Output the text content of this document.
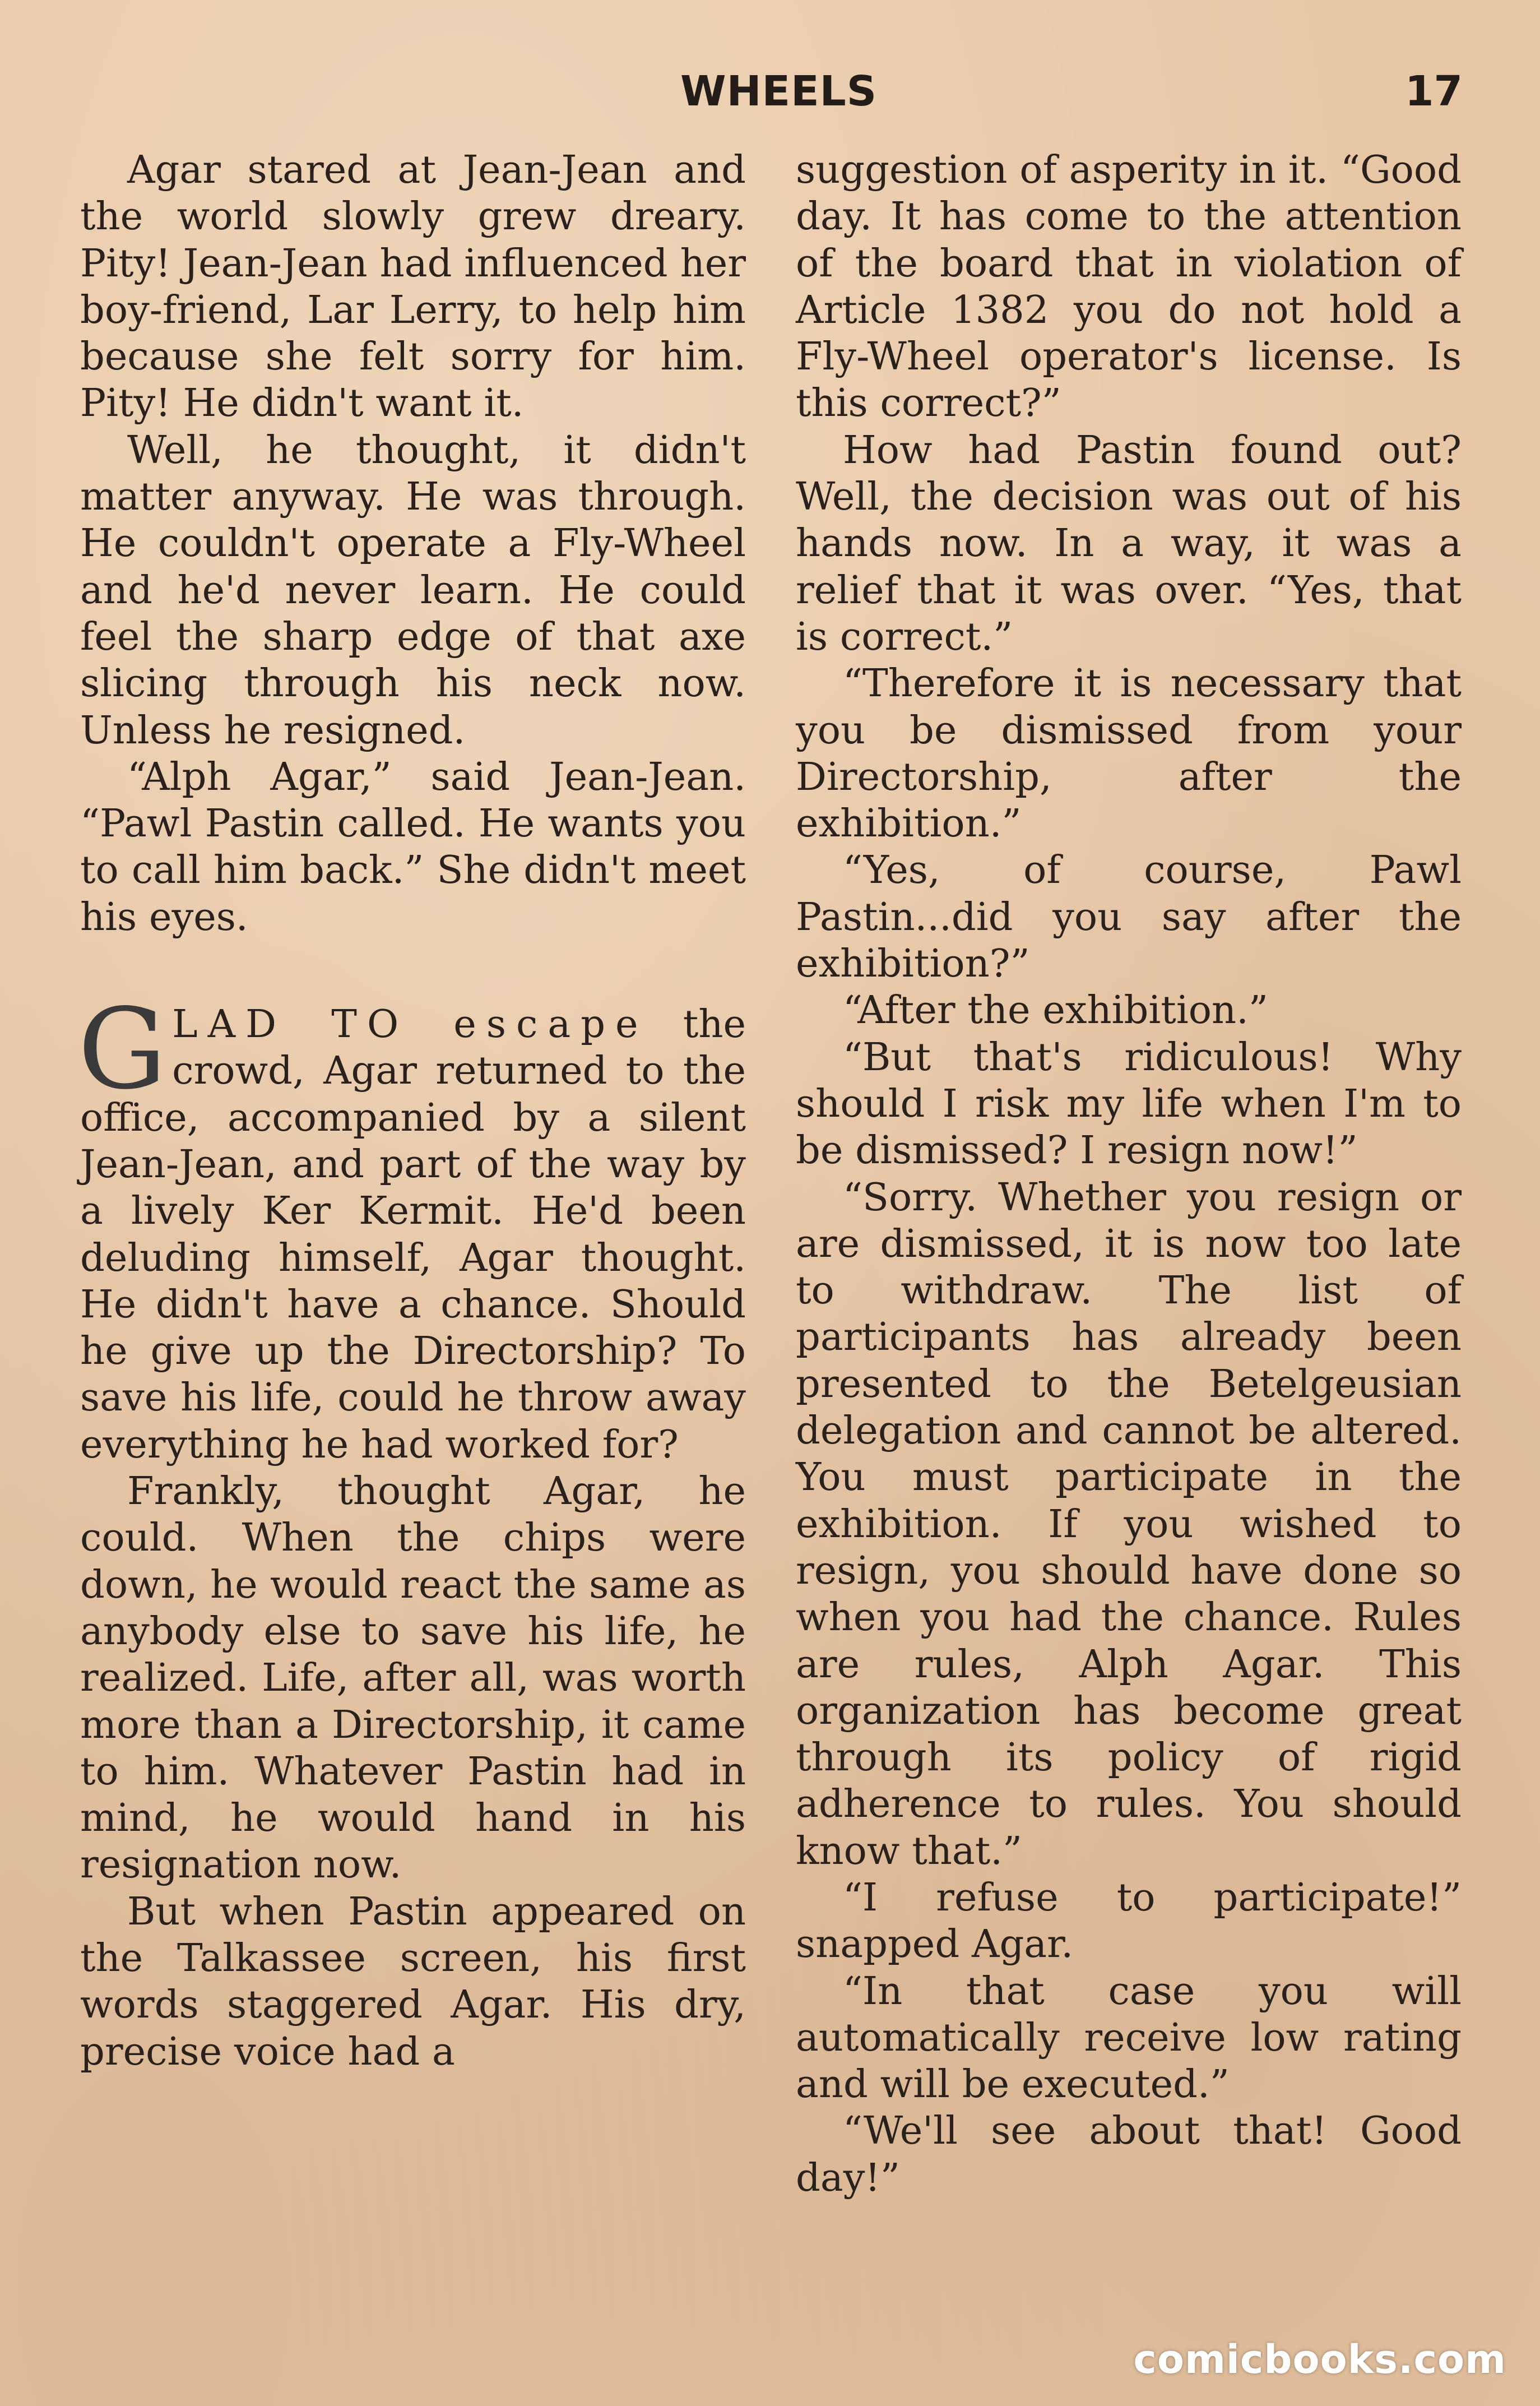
WHEELS	17

Agar stared at Jean-Jean and the world slowly grew dreary. Pity! Jean-Jean had influenced her boy-friend, Lar Lerry, to help him because she felt sorry for him. Pity! He didn't want it.

Well, he thought, it didn't matter anyway. He was through. He couldn't operate a Fly-Wheel and he'd never learn. He could feel the sharp edge of that axe slicing through his neck now. Unless he resigned.

“Alph Agar,” said Jean-Jean. “Pawl Pastin called. He wants you to call him back.” She didn't meet his eyes.

GLAD TO escape the crowd, Agar returned to the office, accompanied by a silent Jean-Jean, and part of the way by a lively Ker Kermit. He'd been deluding himself, Agar thought. He didn't have a chance. Should he give up the Directorship? To save his life, could he throw away everything he had worked for?

Frankly, thought Agar, he could. When the chips were down, he would react the same as anybody else to save his life, he realized. Life, after all, was worth more than a Directorship, it came to him. Whatever Pastin had in mind, he would hand in his resignation now.

But when Pastin appeared on the Talkassee screen, his first words staggered Agar. His dry, precise voice had a

suggestion of asperity in it. “Good day. It has come to the attention of the board that in violation of Article 1382 you do not hold a Fly-Wheel operator's license. Is this correct?”

How had Pastin found out? Well, the decision was out of his hands now. In a way, it was a relief that it was over. “Yes, that is correct.”

“Therefore it is necessary that you be dismissed from your Directorship, after the exhibition.”

“Yes, of course, Pawl Pastin...did you say after the exhibition?”

“After the exhibition.”

“But that's ridiculous! Why should I risk my life when I'm to be dismissed? I resign now!”

“Sorry. Whether you resign or are dismissed, it is now too late to withdraw. The list of participants has already been presented to the Betelgeusian delegation and cannot be altered. You must participate in the exhibition. If you wished to resign, you should have done so when you had the chance. Rules are rules, Alph Agar. This organization has become great through its policy of rigid adherence to rules. You should know that.”

“I refuse to participate!” snapped Agar.

“In that case you will automatically receive low rating and will be executed.”

“We'll see about that! Good day!”

comicbooks.com
